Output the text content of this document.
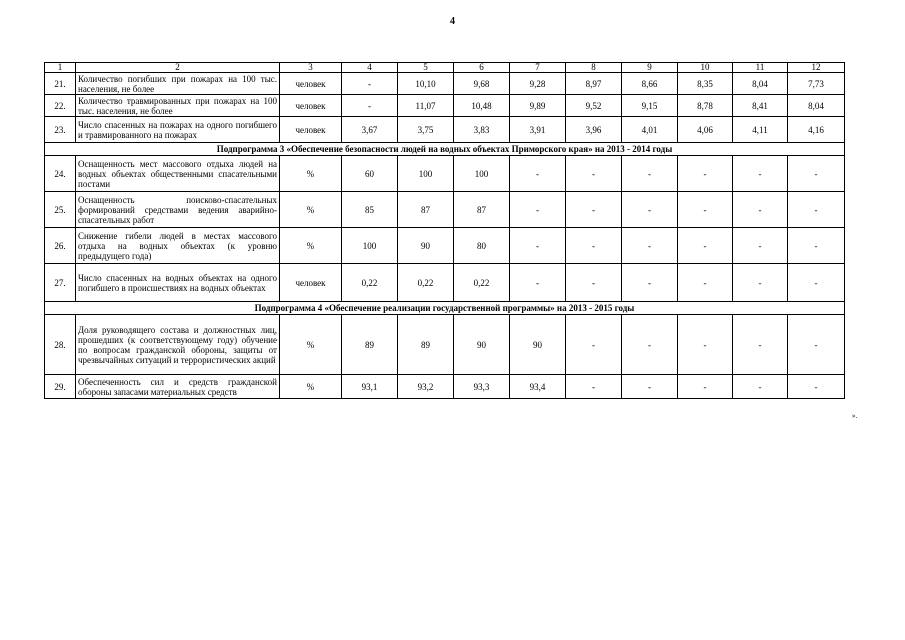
4
1	2	3	4	5	6	7	8	9	10	11	12
21.	Количество погибших при пожарах на 100 тыс. населения, не более	человек	-	10,10	9,68	9,28	8,97	8,66	8,35	8,04	7,73
22.	Количество травмированных при пожарах на 100 тыс. населения, не более	человек	-	11,07	10,48	9,89	9,52	9,15	8,78	8,41	8,04
23.	Число спасенных на пожарах на одного погибшего и травмированного на пожарах	человек	3,67	3,75	3,83	3,91	3,96	4,01	4,06	4,11	4,16
Подпрограмма 3 «Обеспечение безопасности людей на водных объектах Приморского края» на 2013 - 2014 годы											
24.	Оснащенность мест массового отдыха людей на водных объектах общественными спасательными постами	%	60	100	100	-	-	-	-	-	-
25.	Оснащенность поисково-спасательных формирований средствами ведения аварийно-спасательных работ	%	85	87	87	-	-	-	-	-	-
26.	Снижение гибели людей в местах массового отдыха на водных объектах (к уровню предыдущего года)	%	100	90	80	-	-	-	-	-	-
27.	Число спасенных на водных объектах на одного погибшего в происшествиях на водных объектах	человек	0,22	0,22	0,22	-	-	-	-	-	-
Подпрограмма 4 «Обеспечение реализации государственной программы» на 2013 - 2015 годы											
28.	Доля руководящего состава и должностных лиц, прошедших (к соответствующему году) обучение по вопросам гражданской обороны, защиты от чрезвычайных ситуаций и террористических акций	%	89	89	90	90	-	-	-	-	-
29.	Обеспеченность сил и средств гражданской обороны запасами материальных средств	%	93,1	93,2	93,3	93,4	-	-	-	-	-
».
